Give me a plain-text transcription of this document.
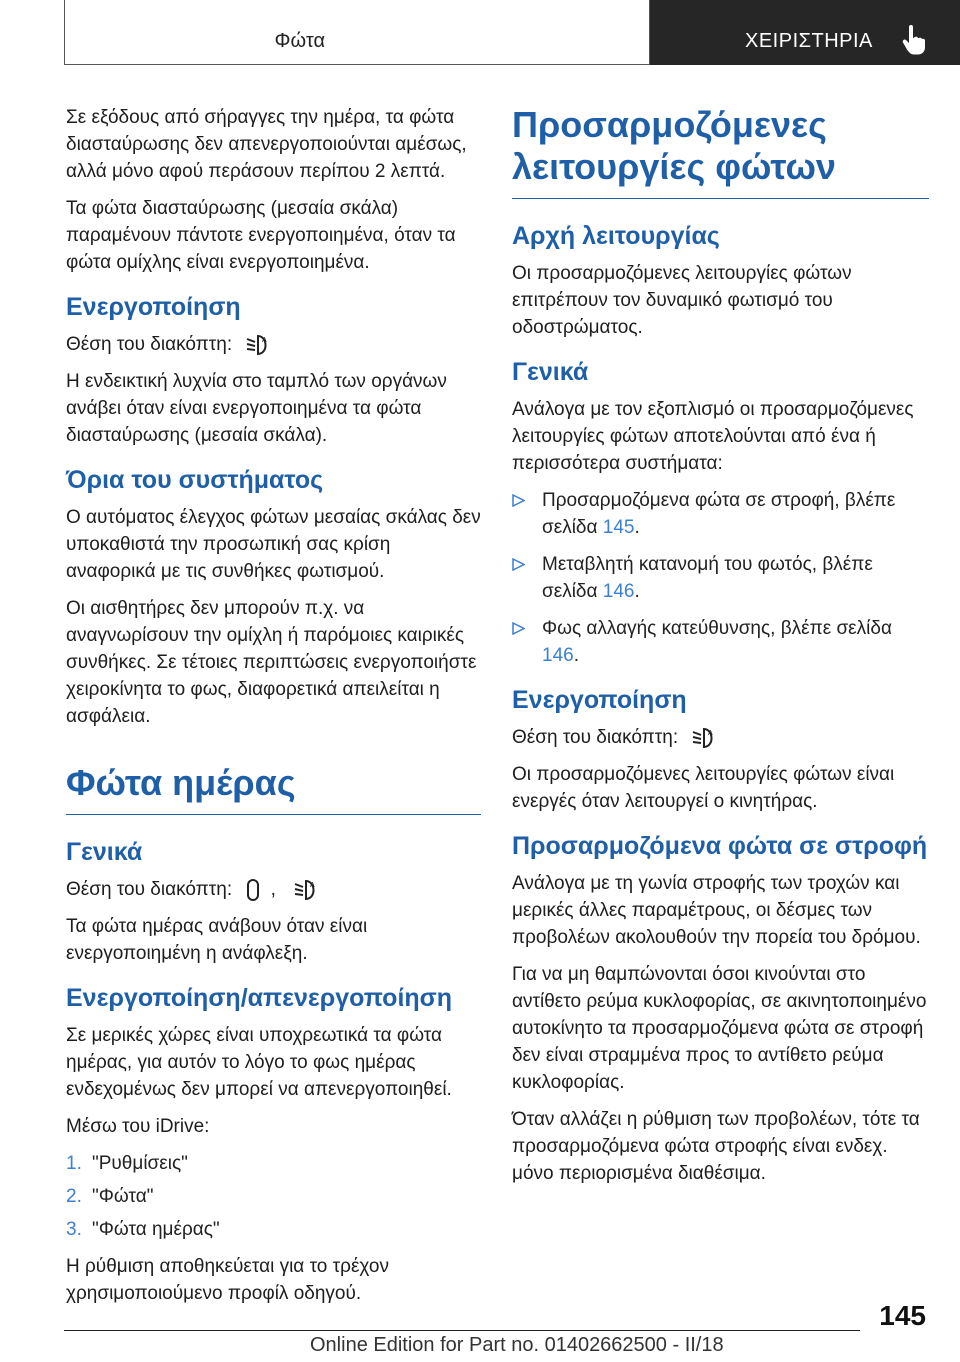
Φώτα	ΧΕΙΡΙΣΤΗΡΙΑ

Σε εξόδους από σήραγγες την ημέρα, τα φώτα διασταύρωσης δεν απενεργοποιούνται αμέσως, αλλά μόνο αφού περάσουν περίπου 2 λεπτά.

Τα φώτα διασταύρωσης (μεσαία σκάλα) παραμένουν πάντοτε ενεργοποιημένα, όταν τα φώτα ομίχλης είναι ενεργοποιημένα.

Ενεργοποίηση

Θέση του διακόπτη:	A

Η ενδεικτική λυχνία στο ταμπλό των οργάνων ανάβει όταν είναι ενεργοποιημένα τα φώτα διασταύρωσης (μεσαία σκάλα).

Όρια του συστήματος

Ο αυτόματος έλεγχος φώτων μεσαίας σκάλας δεν υποκαθιστά την προσωπική σας κρίση αναφορικά με τις συνθήκες φωτισμού.

Οι αισθητήρες δεν μπορούν π.χ. να αναγνωρίσουν την ομίχλη ή παρόμοιες καιρικές συνθήκες. Σε τέτοιες περιπτώσεις ενεργοποιήστε χειροκίνητα το φως, διαφορετικά απειλείται η ασφάλεια.

Φώτα ημέρας
Γενικά

Θέση του διακόπτη: ,	A

Τα φώτα ημέρας ανάβουν όταν είναι ενεργοποιημένη η ανάφλεξη.

Ενεργοποίηση/απενεργοποίηση

Σε μερικές χώρες είναι υποχρεωτικά τα φώτα ημέρας, για αυτόν το λόγο το φως ημέρας ενδεχομένως δεν μπορεί να απενεργοποιηθεί.

Μέσω του iDrive:

1. "Ρυθμίσεις"
2. "Φώτα"
3. "Φώτα ημέρας"

Η ρύθμιση αποθηκεύεται για το τρέχον χρησιμοποιούμενο προφίλ οδηγού.

Προσαρμοζόμενες λειτουργίες φώτων
Αρχή λειτουργίας

Οι προσαρμοζόμενες λειτουργίες φώτων επιτρέπουν τον δυναμικό φωτισμό του οδοστρώματος.

Γενικά

Ανάλογα με τον εξοπλισμό οι προσαρμοζόμενες λειτουργίες φώτων αποτελούνται από ένα ή περισσότερα συστήματα:

Προσαρμοζόμενα φώτα σε στροφή, βλέπε σελίδα 145.
Μεταβλητή κατανομή του φωτός, βλέπε σελίδα 146.
Φως αλλαγής κατεύθυνσης, βλέπε σελίδα 146.
Ενεργοποίηση

Θέση του διακόπτη:	A

Οι προσαρμοζόμενες λειτουργίες φώτων είναι ενεργές όταν λειτουργεί ο κινητήρας.

Προσαρμοζόμενα φώτα σε στροφή

Ανάλογα με τη γωνία στροφής των τροχών και μερικές άλλες παραμέτρους, οι δέσμες των προβολέων ακολουθούν την πορεία του δρόμου.

Για να μη θαμπώνονται όσοι κινούνται στο αντίθετο ρεύμα κυκλοφορίας, σε ακινητοποιημένο αυτοκίνητο τα προσαρμοζόμενα φώτα σε στροφή δεν είναι στραμμένα προς το αντίθετο ρεύμα κυκλοφορίας.

Όταν αλλάζει η ρύθμιση των προβολέων, τότε τα προσαρμοζόμενα φώτα στροφής είναι ενδεχ. μόνο περιορισμένα διαθέσιμα.

145
Online Edition for Part no. 01402662500 - II/18
